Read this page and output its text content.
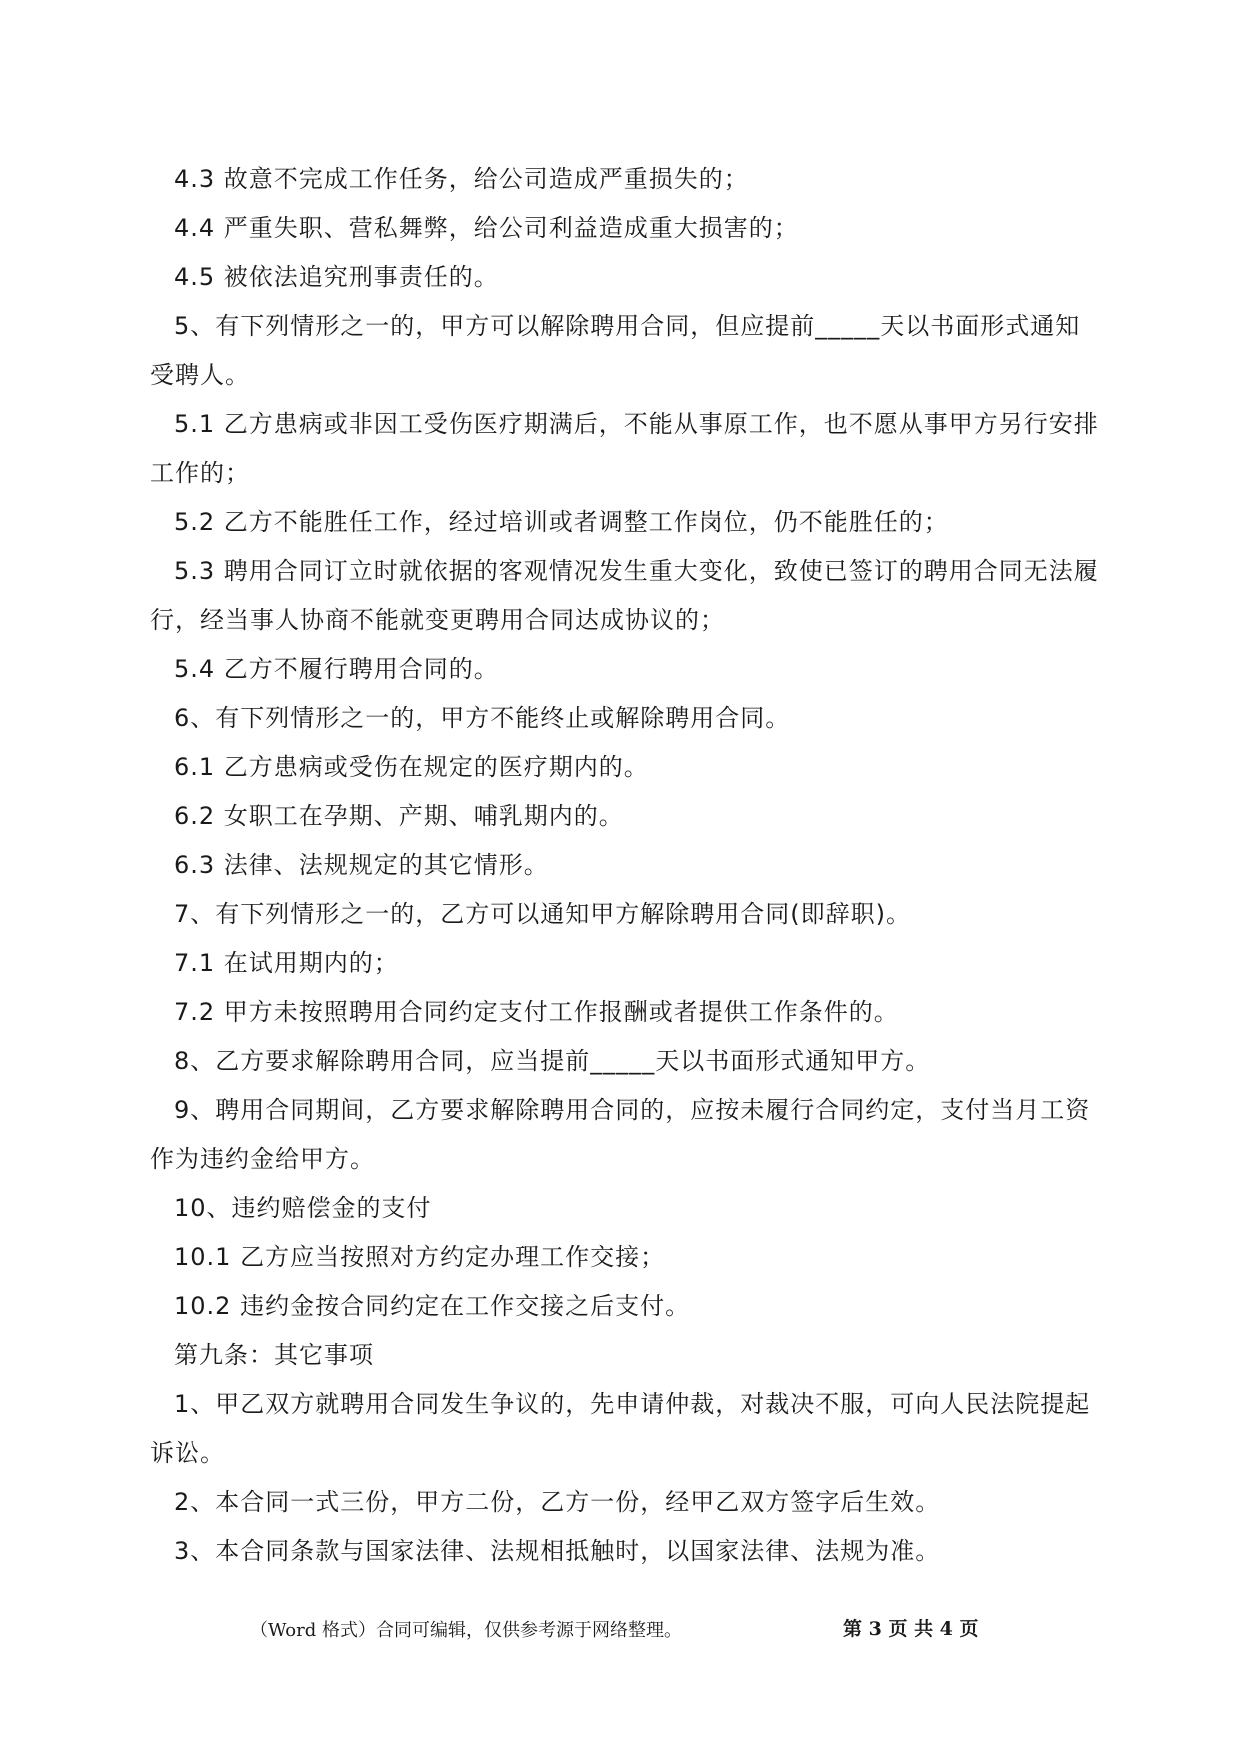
4.3 故意不完成工作任务，给公司造成严重损失的；

4.4 严重失职、营私舞弊，给公司利益造成重大损害的；

4.5 被依法追究刑事责任的。

5、有下列情形之一的，甲方可以解除聘用合同，但应提前_____天以书面形式通知

受聘人。

5.1 乙方患病或非因工受伤医疗期满后，不能从事原工作，也不愿从事甲方另行安排

工作的；

5.2 乙方不能胜任工作，经过培训或者调整工作岗位，仍不能胜任的；

5.3 聘用合同订立时就依据的客观情况发生重大变化，致使已签订的聘用合同无法履

行，经当事人协商不能就变更聘用合同达成协议的；

5.4 乙方不履行聘用合同的。

6、有下列情形之一的，甲方不能终止或解除聘用合同。

6.1 乙方患病或受伤在规定的医疗期内的。

6.2 女职工在孕期、产期、哺乳期内的。

6.3 法律、法规规定的其它情形。

7、有下列情形之一的，乙方可以通知甲方解除聘用合同(即辞职)。

7.1 在试用期内的；

7.2 甲方未按照聘用合同约定支付工作报酬或者提供工作条件的。

8、乙方要求解除聘用合同，应当提前_____天以书面形式通知甲方。

9、聘用合同期间，乙方要求解除聘用合同的，应按未履行合同约定，支付当月工资

作为违约金给甲方。

10、违约赔偿金的支付

10.1 乙方应当按照对方约定办理工作交接；

10.2 违约金按合同约定在工作交接之后支付。

第九条：其它事项

1、甲乙双方就聘用合同发生争议的，先申请仲裁，对裁决不服，可向人民法院提起

诉讼。

2、本合同一式三份，甲方二份，乙方一份，经甲乙双方签字后生效。

3、本合同条款与国家法律、法规相抵触时，以国家法律、法规为准。

（Word 格式）合同可编辑，仅供参考源于网络整理。	第 3 页 共 4 页
